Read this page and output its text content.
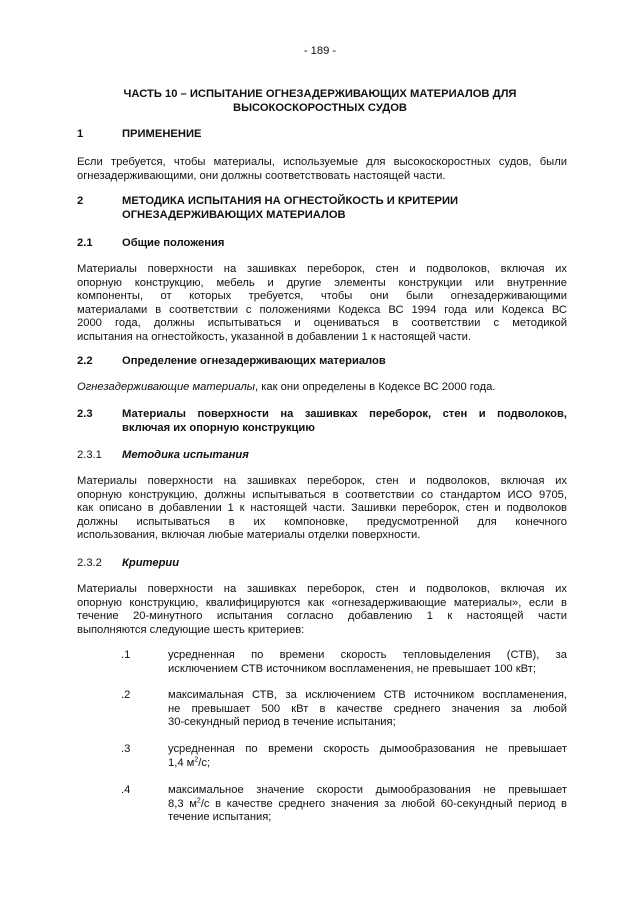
- 189 -
ЧАСТЬ 10 – ИСПЫТАНИЕ ОГНЕЗАДЕРЖИВАЮЩИХ МАТЕРИАЛОВ ДЛЯ
ВЫСОКОСКОРОСТНЫХ СУДОВ
1	ПРИМЕНЕНИЕ
Если требуется, чтобы материалы, используемые для высокоскоростных судов, были
огнезадерживающими, они должны соответствовать настоящей части.
2	МЕТОДИКА ИСПЫТАНИЯ НА ОГНЕСТОЙКОСТЬ И КРИТЕРИИ
ОГНЕЗАДЕРЖИВАЮЩИХ МАТЕРИАЛОВ
2.1	Общие положения
Материалы поверхности на зашивках переборок, стен и подволоков, включая их
опорную конструкцию, мебель и другие элементы конструкции или внутренние
компоненты, от которых требуется, чтобы они были огнезадерживающими
материалами в соответствии с положениями Кодекса ВС 1994 года или Кодекса ВС
2000 года, должны испытываться и оцениваться в соответствии с методикой
испытания на огнестойкость, указанной в добавлении 1 к настоящей части.
2.2	Определение огнезадерживающих материалов
Огнезадерживающие материалы, как они определены в Кодексе ВС 2000 года.
2.3	Материалы поверхности на зашивках переборок, стен и подволоков,
включая их опорную конструкцию
2.3.1 Методика испытания
Материалы поверхности на зашивках переборок, стен и подволоков, включая их
опорную конструкцию, должны испытываться в соответствии со стандартом ИСО 9705,
как описано в добавлении 1 к настоящей части. Зашивки переборок, стен и подволоков
должны испытываться в их компоновке, предусмотренной для конечного
использования, включая любые материалы отделки поверхности.
2.3.2 Критерии
Материалы поверхности на зашивках переборок, стен и подволоков, включая их
опорную конструкцию, квалифицируются как «огнезадерживающие материалы», если в
течение 20-минутного испытания согласно добавлению 1 к настоящей части
выполняются следующие шесть критериев:
.1	усредненная по времени скорость тепловыделения (СТВ), за
исключением СТВ источником воспламенения, не превышает 100 кВт;
.2	максимальная СТВ, за исключением СТВ источником воспламенения,
не превышает 500 кВт в качестве среднего значения за любой
30-секундный период в течение испытания;
.3	усредненная по времени скорость дымообразования не превышает
1,4 $м^2/с$;
.4	максимальное значение скорости дымообразования не превышает
8,3 $м^2/с$ в качестве среднего значения за любой 60-секундный период в
течение испытания;
